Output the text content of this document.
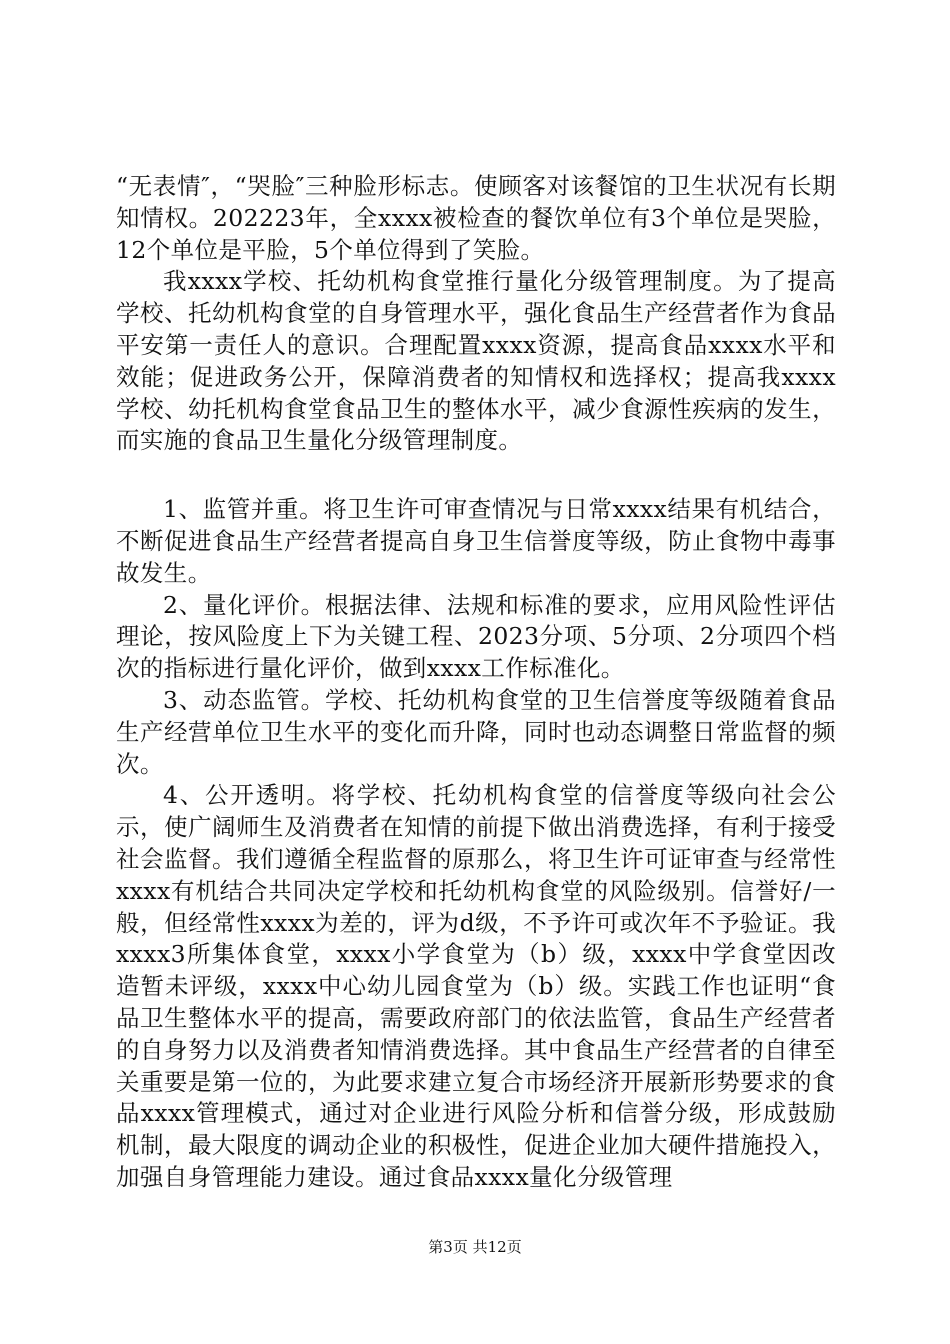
“无表情″，“哭脸″三种脸形标志。使顾客对该餐馆的卫生状况有长期知情权。202223年，全xxxx被检查的餐饮单位有3个单位是哭脸，12个单位是平脸，5个单位得到了笑脸。

我xxxx学校、托幼机构食堂推行量化分级管理制度。为了提高学校、托幼机构食堂的自身管理水平，强化食品生产经营者作为食品平安第一责任人的意识。合理配置xxxx资源，提高食品xxxx水平和效能；促进政务公开，保障消费者的知情权和选择权；提高我xxxx学校、幼托机构食堂食品卫生的整体水平，减少食源性疾病的发生，而实施的食品卫生量化分级管理制度。

1、监管并重。将卫生许可审查情况与日常xxxx结果有机结合，不断促进食品生产经营者提高自身卫生信誉度等级，防止食物中毒事故发生。

2、量化评价。根据法律、法规和标准的要求，应用风险性评估理论，按风险度上下为关键工程、2023分项、5分项、2分项四个档次的指标进行量化评价，做到xxxx工作标准化。

3、动态监管。学校、托幼机构食堂的卫生信誉度等级随着食品生产经营单位卫生水平的变化而升降，同时也动态调整日常监督的频次。

4、公开透明。将学校、托幼机构食堂的信誉度等级向社会公示，使广阔师生及消费者在知情的前提下做出消费选择，有利于接受社会监督。我们遵循全程监督的原那么，将卫生许可证审查与经常性xxxx有机结合共同决定学校和托幼机构食堂的风险级别。信誉好/一般，但经常性xxxx为差的，评为d级，不予许可或次年不予验证。我xxxx3所集体食堂，xxxx小学食堂为（b）级，xxxx中学食堂因改造暂未评级，xxxx中心幼儿园食堂为（b）级。实践工作也证明“食品卫生整体水平的提高，需要政府部门的依法监管，食品生产经营者的自身努力以及消费者知情消费选择。其中食品生产经营者的自律至关重要是第一位的，为此要求建立复合市场经济开展新形势要求的食品xxxx管理模式，通过对企业进行风险分析和信誉分级，形成鼓励机制，最大限度的调动企业的积极性，促进企业加大硬件措施投入，加强自身管理能力建设。通过食品xxxx量化分级管理

第3页 共12页
